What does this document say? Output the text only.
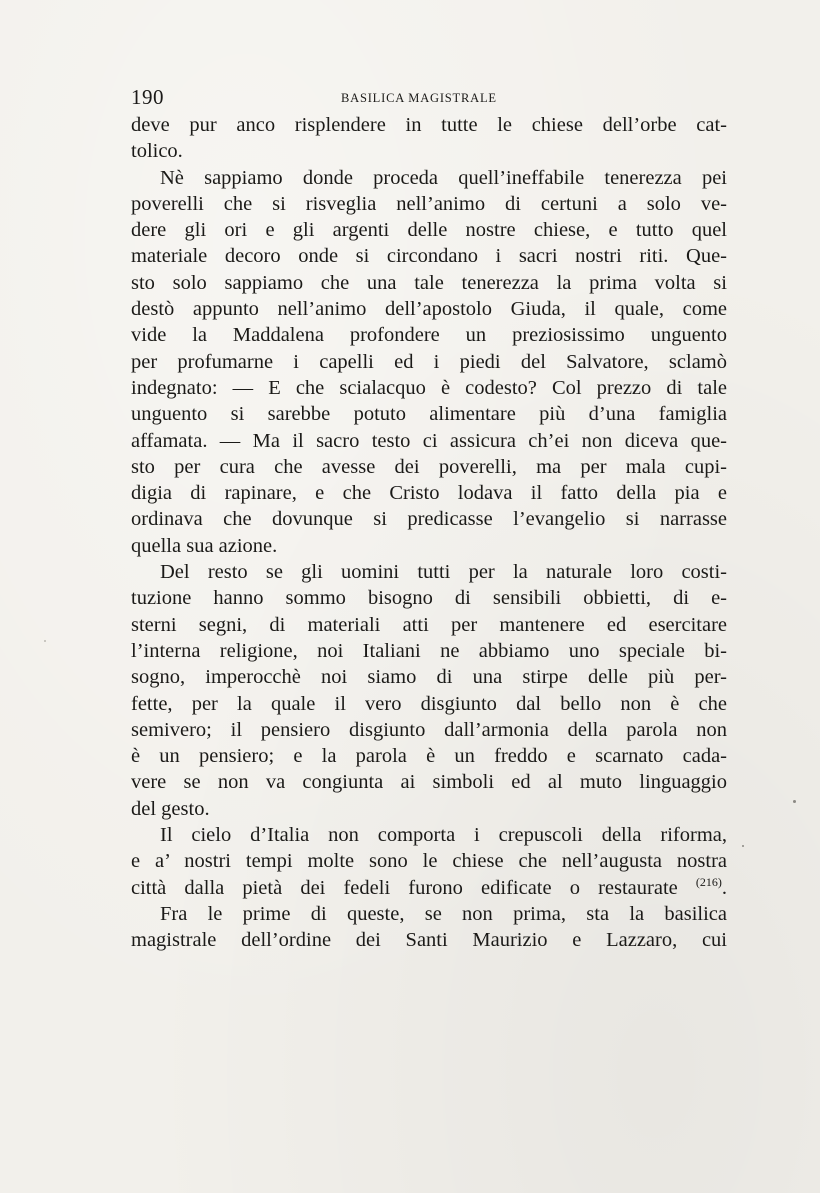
190	BASILICA MAGISTRALE
deve pur anco risplendere in tutte le chiese dell’orbe cat-
tolico.
Nè sappiamo donde proceda quell’ineffabile tenerezza pei
poverelli che si risveglia nell’animo di certuni a solo ve-
dere gli ori e gli argenti delle nostre chiese, e tutto quel
materiale decoro onde si circondano i sacri nostri riti. Que-
sto solo sappiamo che una tale tenerezza la prima volta si
destò appunto nell’animo dell’apostolo Giuda, il quale, come
vide la Maddalena profondere un preziosissimo unguento
per profumarne i capelli ed i piedi del Salvatore, sclamò
indegnato: — E che scialacquo è codesto? Col prezzo di tale
unguento si sarebbe potuto alimentare più d’una famiglia
affamata. — Ma il sacro testo ci assicura ch’ei non diceva que-
sto per cura che avesse dei poverelli, ma per mala cupi-
digia di rapinare, e che Cristo lodava il fatto della pia e
ordinava che dovunque si predicasse l’evangelio si narrasse
quella sua azione.
Del resto se gli uomini tutti per la naturale loro costi-
tuzione hanno sommo bisogno di sensibili obbietti, di e-
sterni segni, di materiali atti per mantenere ed esercitare
l’interna religione, noi Italiani ne abbiamo uno speciale bi-
sogno, imperocchè noi siamo di una stirpe delle più per-
fette, per la quale il vero disgiunto dal bello non è che
semivero; il pensiero disgiunto dall’armonia della parola non
è un pensiero; e la parola è un freddo e scarnato cada-
vere se non va congiunta ai simboli ed al muto linguaggio
del gesto.
Il cielo d’Italia non comporta i crepuscoli della riforma,
e a’ nostri tempi molte sono le chiese che nell’augusta nostra
città dalla pietà dei fedeli furono edificate o restaurate $^{(216)}$.
Fra le prime di queste, se non prima, sta la basilica
magistrale dell’ordine dei Santi Maurizio e Lazzaro, cui
